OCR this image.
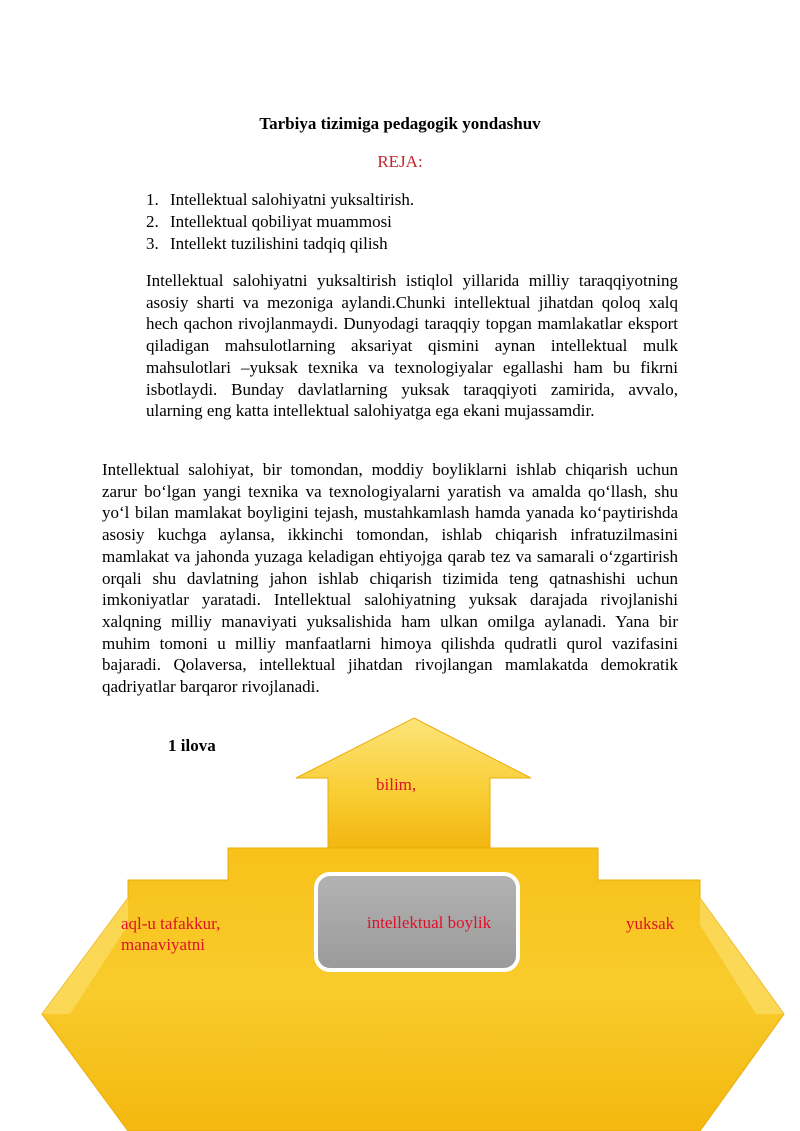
Tarbiya tizimiga pedagogik yondashuv
REJA:
1. Intellektual salohiyatni yuksaltirish.
2. Intellektual qobiliyat muammosi
3. Intellekt tuzilishini tadqiq qilish

Intellektual salohiyatni yuksaltirish istiqlol yillarida milliy taraqqiyotning asosiy sharti va mezoniga aylandi.Chunki intellektual jihatdan qoloq xalq hech qachon rivojlanmaydi. Dunyodagi taraqqiy topgan mamlakatlar eksport qiladigan mahsulotlarning aksariyat qismini aynan intellektual mulk mahsulotlari –yuksak texnika va texnologiyalar egallashi ham bu fikrni isbotlaydi. Bunday davlatlarning yuksak taraqqiyoti zamirida, avvalo, ularning eng katta intellektual salohiyatga ega ekani mujassamdir.

Intellektual salohiyat, bir tomondan, moddiy boyliklarni ishlab chiqarish uchun zarur bo‘lgan yangi texnika va texnologiyalarni yaratish va amalda qo‘llash, shu yo‘l bilan mamlakat boyligini tejash, mustahkamlash hamda yanada ko‘paytirishda asosiy kuchga aylansa, ikkinchi tomondan, ishlab chiqarish infratuzilmasini mamlakat va jahonda yuzaga keladigan ehtiyojga qarab tez va samarali o‘zgartirish orqali shu davlatning jahon ishlab chiqarish tizimida teng qatnashishi uchun imkoniyatlar yaratadi. Intellektual salohiyatning yuksak darajada rivojlanishi xalqning milliy manaviyati yuksalishida ham ulkan omilga aylanadi. Yana bir muhim tomoni u milliy manfaatlarni himoya qilishda qudratli qurol vazifasini bajaradi. Qolaversa, intellektual jihatdan rivojlangan mamlakatda demokratik qadriyatlar barqaror rivojlanadi.

1 ilova
bilim,
intellektual boylik
aql-u tafakkur,
manaviyatni
yuksak
